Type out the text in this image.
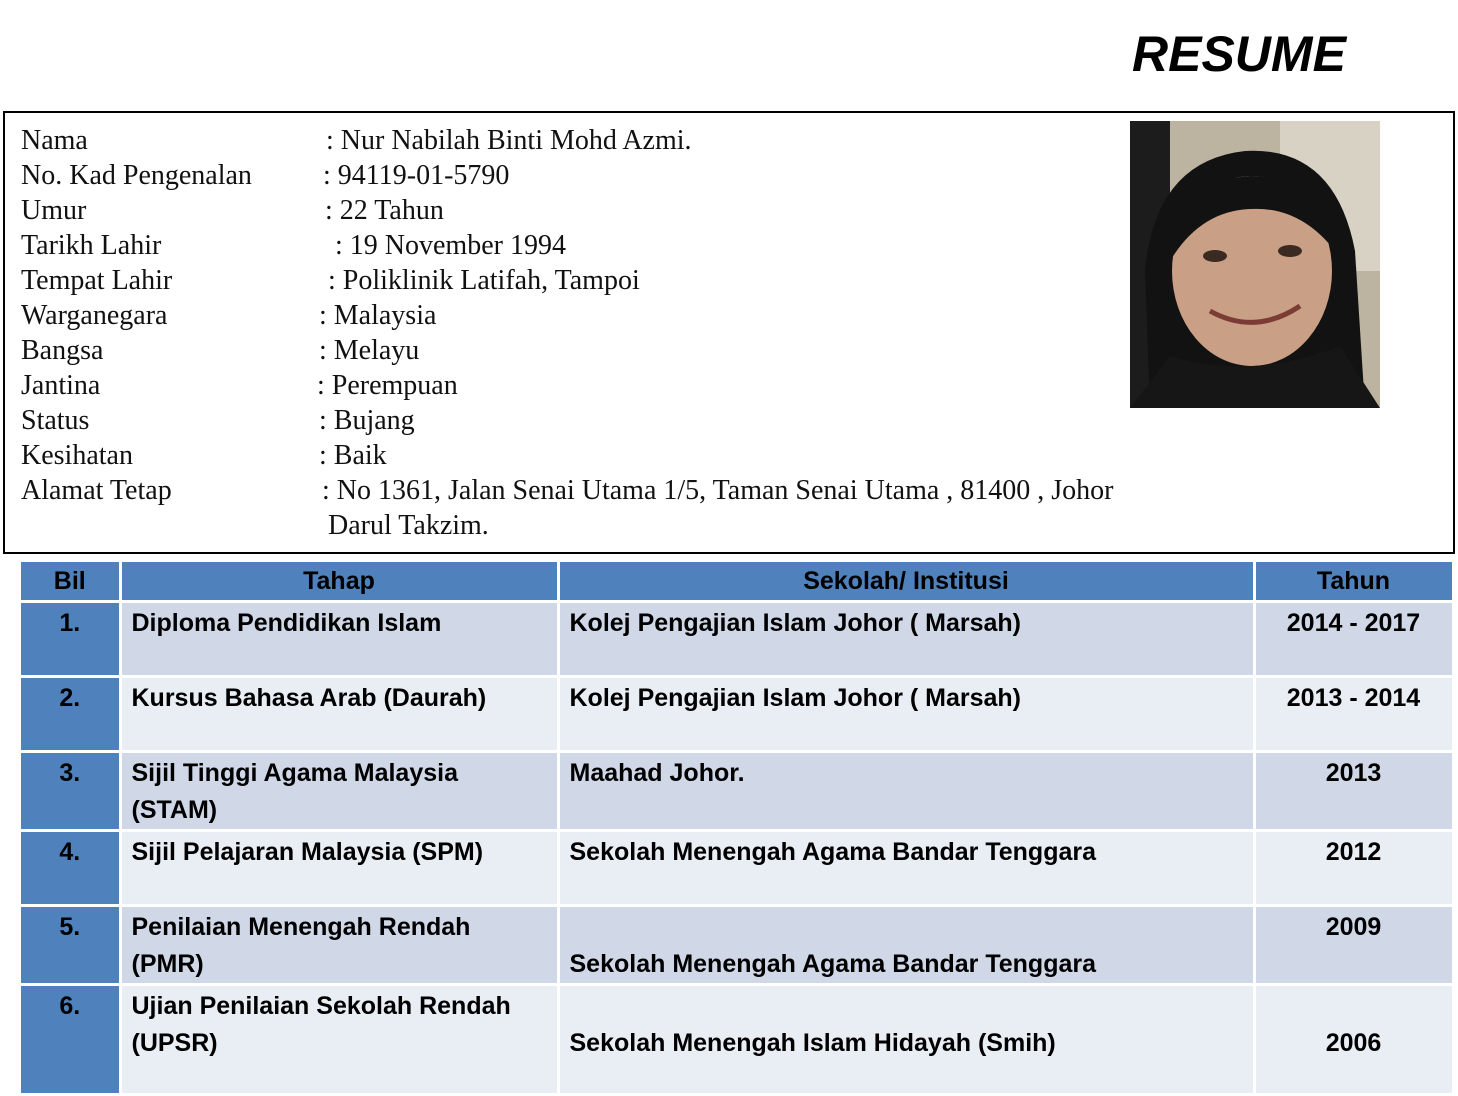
RESUME
Nama	: Nur Nabilah Binti Mohd Azmi.
No. Kad Pengenalan	: 94119-01-5790
Umur	: 22 Tahun
Tarikh Lahir	: 19 November 1994
Tempat Lahir	: Poliklinik Latifah, Tampoi
Warganegara	: Malaysia
Bangsa	: Melayu
Jantina	: Perempuan
Status	: Bujang
Kesihatan	: Baik
Alamat Tetap	: No 1361, Jalan Senai Utama 1/5, Taman Senai Utama , 81400 , Johor
Darul Takzim.
Bil	Tahap	Sekolah/ Institusi	Tahun

1.	Diploma Pendidikan Islam	Kolej Pengajian Islam Johor ( Marsah)	2014 - 2017

2.	Kursus Bahasa Arab (Daurah)	Kolej Pengajian Islam Johor ( Marsah)	2013 - 2014

3.	Sijil Tinggi Agama Malaysia (STAM)	Maahad Johor.	2013

4.	Sijil Pelajaran Malaysia (SPM)	Sekolah Menengah Agama Bandar Tenggara	2012

5.	Penilaian Menengah Rendah (PMR)	Sekolah Menengah Agama Bandar Tenggara	2009

6.	Ujian Penilaian Sekolah Rendah (UPSR)	Sekolah Menengah Islam Hidayah (Smih)	2006
